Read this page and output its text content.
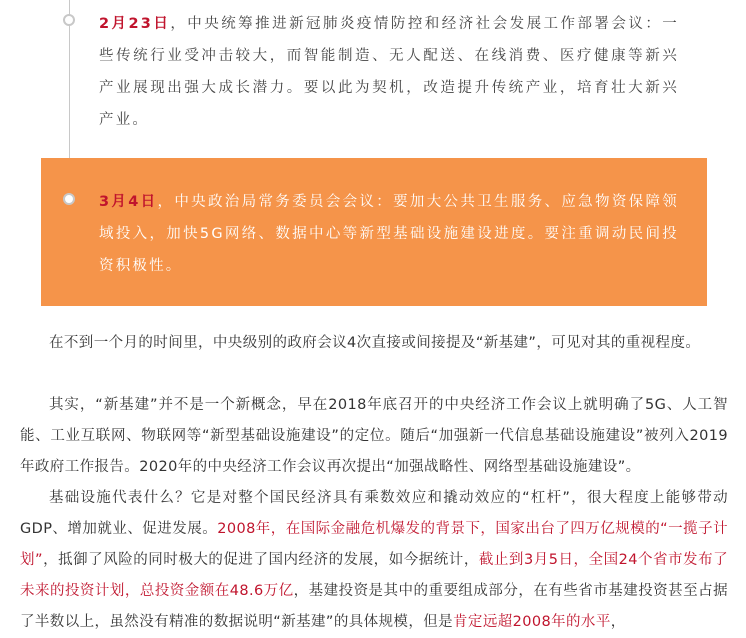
2月23日，中央统筹推进新冠肺炎疫情防控和经济社会发展工作部署会议：一些传统行业受冲击较大，而智能制造、无人配送、在线消费、医疗健康等新兴产业展现出强大成长潜力。要以此为契机，改造提升传统产业，培育壮大新兴产业。
3月4日，中央政治局常务委员会会议：要加大公共卫生服务、应急物资保障领域投入，加快5G网络、数据中心等新型基础设施建设进度。要注重调动民间投资积极性。
在不到一个月的时间里，中央级别的政府会议4次直接或间接提及“新基建”，可见对其的重视程度。
其实，“新基建”并不是一个新概念，早在2018年底召开的中央经济工作会议上就明确了5G、人工智能、工业互联网、物联网等“新型基础设施建设”的定位。随后“加强新一代信息基础设施建设”被列入2019年政府工作报告。2020年的中央经济工作会议再次提出“加强战略性、网络型基础设施建设”。
基础设施代表什么？它是对整个国民经济具有乘数效应和撬动效应的“杠杆”，很大程度上能够带动GDP、增加就业、促进发展。2008年，在国际金融危机爆发的背景下，国家出台了四万亿规模的“一揽子计划”，抵御了风险的同时极大的促进了国内经济的发展，如今据统计，截止到3月5日，全国24个省市发布了未来的投资计划，总投资金额在48.6万亿，基建投资是其中的重要组成部分，在有些省市基建投资甚至占据了半数以上，虽然没有精准的数据说明“新基建”的具体规模，但是肯定远超2008年的水平，
